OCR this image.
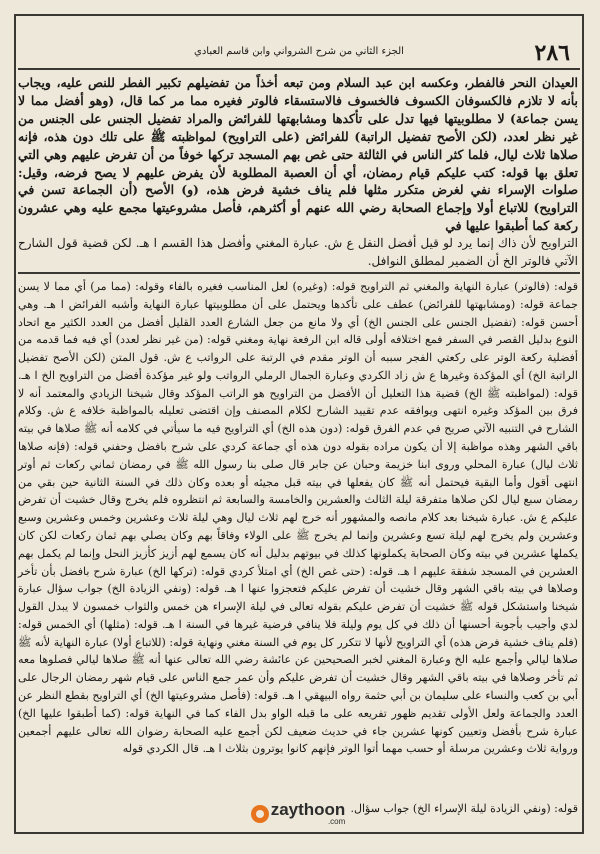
٢٨٦
الجزء الثاني من شرح الشرواني وابن قاسم العبادي
العيدان النحر فالفطر، وعكسه ابن عبد السلام ومن تبعه أخذاً من تفضيلهم تكبير الفطر للنص عليه، ويجاب بأنه لا تلازم فالكسوفان الكسوف فالخسوف فالاستسقاء فالوتر فغيره مما مر كما قال، (وهو أفضل مما لا يسن جماعة) لا مطلوبيتها فيها تدل على تأكدها ومشابهتها للفرائض والمراد تفضيل الجنس على الجنس من غير نظر لعدد، (لكن الأصح تفضيل الراتبة) للفرائض (على التراويح) لمواظبته ﷺ على تلك دون هذه، فإنه صلاها ثلاث ليال، فلما كثر الناس في الثالثة حتى غص بهم المسجد تركها خوفاً من أن تفرض عليهم وهي التي تعلق بها قوله: كتب عليكم قيام رمضان، أي أن العصبة المطلوبة لأن يفرض عليهم لا يصح فرضه، وقيل: صلوات الإسراء نفي لغرض متكرر مثلها فلم يناف خشية فرض هذه، (و) الأصح (أن الجماعة تسن في التراويح) للاتباع أولا وإجماع الصحابة رضي الله عنهم أو أكثرهم، فأصل مشروعيتها مجمع عليه وهي عشرون ركعة كما أطبقوا عليها في
التراويح لأن ذاك إنما يرد لو قيل أفضل النفل ع ش. عبارة المغني وأفضل هذا القسم ا هـ. لكن قضية قول الشارح الآتي فالوتر الخ أن الضمير لمطلق النوافل.
قوله: (فالوتر) عبارة النهاية والمغني ثم التراويح قوله: (وغيره) لعل المناسب فغيره بالفاء وقوله: (مما مر) أي مما لا يسن جماعة قوله: (ومشابهتها للفرائض) عطف على تأكدها ويحتمل على أن مطلوبيتها عبارة النهاية وأشبه الفرائض ا هـ. وهي أحسن قوله: (تفضيل الجنس على الجنس الخ) أي ولا مانع من جعل الشارع العدد القليل أفضل من العدد الكثير مع اتحاد النوع بدليل القصر في السفر فمع اختلافه أولى قاله ابن الرفعة نهاية ومغني قوله: (من غير نظر لعدد) أي فيه فما قدمه من أفضلية ركعة الوتر على ركعتي الفجر سببه أن الوتر مقدم في الرتبة على الرواتب ع ش. قول المتن (لكن الأصح تفضيل الراتبة الخ) أي المؤكدة وغيرها ع ش زاد الكردي وعبارة الجمال الرملي الرواتب ولو غير مؤكدة أفضل من التراويح الخ ا هـ. قوله: (لمواظبته ﷺ الخ) قضية هذا التعليل أن الأفضل من التراويح هو الراتب المؤكد وقال شيخنا الزيادي والمعتمد أنه لا فرق بين المؤكد وغيره انتهى ويوافقه عدم تقييد الشارح لكلام المصنف وإن اقتضى تعليله بالمواظبة خلافه ع ش. وكلام الشارح في التنبيه الآتي صريح في عدم الفرق قوله: (دون هذه الخ) أي التراويح فيه ما سيأتي في كلامه أنه ﷺ صلاها في بيته باقي الشهر وهذه مواظبة إلا أن يكون مراده بقوله دون هذه أي جماعة كردي على شرح بافضل وحفني قوله: (فإنه صلاها ثلاث ليال) عبارة المحلي وروى ابنا خزيمة وحبان عن جابر قال صلى بنا رسول الله ﷺ في رمضان ثماني ركعات ثم أوتر انتهى أقول وأما البقية فيحتمل أنه ﷺ كان يفعلها في بيته قبل مجيئه أو بعده وكان ذلك في السنة الثانية حين بقي من رمضان سبع ليال لكن صلاها متفرقة ليلة الثالث والعشرين والخامسة والسابعة ثم انتظروه فلم يخرج وقال خشيت أن تفرض عليكم ع ش. عبارة شيخنا بعد كلام مانصه والمشهور أنه خرج لهم ثلاث ليال وهي ليلة ثلاث وعشرين وخمس وعشرين وسبع وعشرين ولم يخرج لهم ليلة تسع وعشرين وإنما لم يخرج ﷺ على الولاء وفاقاً بهم وكان يصلي بهم ثمان ركعات لكن كان يكملها عشرين في بيته وكان الصحابة يكملونها كذلك في بيوتهم بدليل أنه كان يسمع لهم أزيز كأزيز النحل وإنما لم يكمل بهم العشرين في المسجد شفقة عليهم ا هـ. قوله: (حتى غص الخ) أي امتلأ كردي قوله: (تركها الخ) عبارة شرح بافضل بأن تأخر وصلاها في بيته باقي الشهر وقال خشيت أن تفرض عليكم فتعجزوا عنها ا هـ. قوله: (ونفي الزيادة الخ) جواب سؤال عبارة شيخنا واستشكل قوله ﷺ خشيت أن تفرض عليكم بقوله تعالى في ليلة الإسراء هن خمس والثواب خمسون لا يبدل القول لدي وأجيب بأجوبة أحسنها أن ذلك في كل يوم وليلة فلا ينافي فرضية غيرها في السنة ا هـ. قوله: (مثلها) أي الخمس قوله: (فلم يناف خشية فرض هذه) أي التراويح لأنها لا تتكرر كل يوم في السنة مغني ونهاية قوله: (للاتباع أولا) عبارة النهاية لأنه ﷺ صلاها ليالي وأجمع عليه الخ وعبارة المغني لخبر الصحيحين عن عائشة رضي الله تعالى عنها أنه ﷺ صلاها ليالي فصلوها معه ثم تأخر وصلاها في بيته باقي الشهر وقال خشيت أن تفرض عليكم وأن عمر جمع الناس على قيام شهر رمضان الرجال على أبي بن كعب والنساء على سليمان بن أبي حثمة رواه البيهقي ا هـ. قوله: (فأصل مشروعيتها الخ) أي التراويح بقطع النظر عن العدد والجماعة ولعل الأولى تقديم ظهور تفريعه على ما قبله الواو بدل الفاء كما في النهاية قوله: (كما أطبقوا عليها الخ) عبارة شرح بأفضل وتعيين كونها عشرين جاء في حديث ضعيف لكن أجمع عليه الصحابة رضوان الله تعالى عليهم أجمعين ورواية ثلاث وعشرين مرسلة أو حسب مهما أتوا الوتر فإنهم كانوا يوترون بثلاث ا هـ. قال الكردي قوله
قوله: (ونفي الزيادة ليلة الإسراء الخ) جواب سؤال.
zaythoon
.com
